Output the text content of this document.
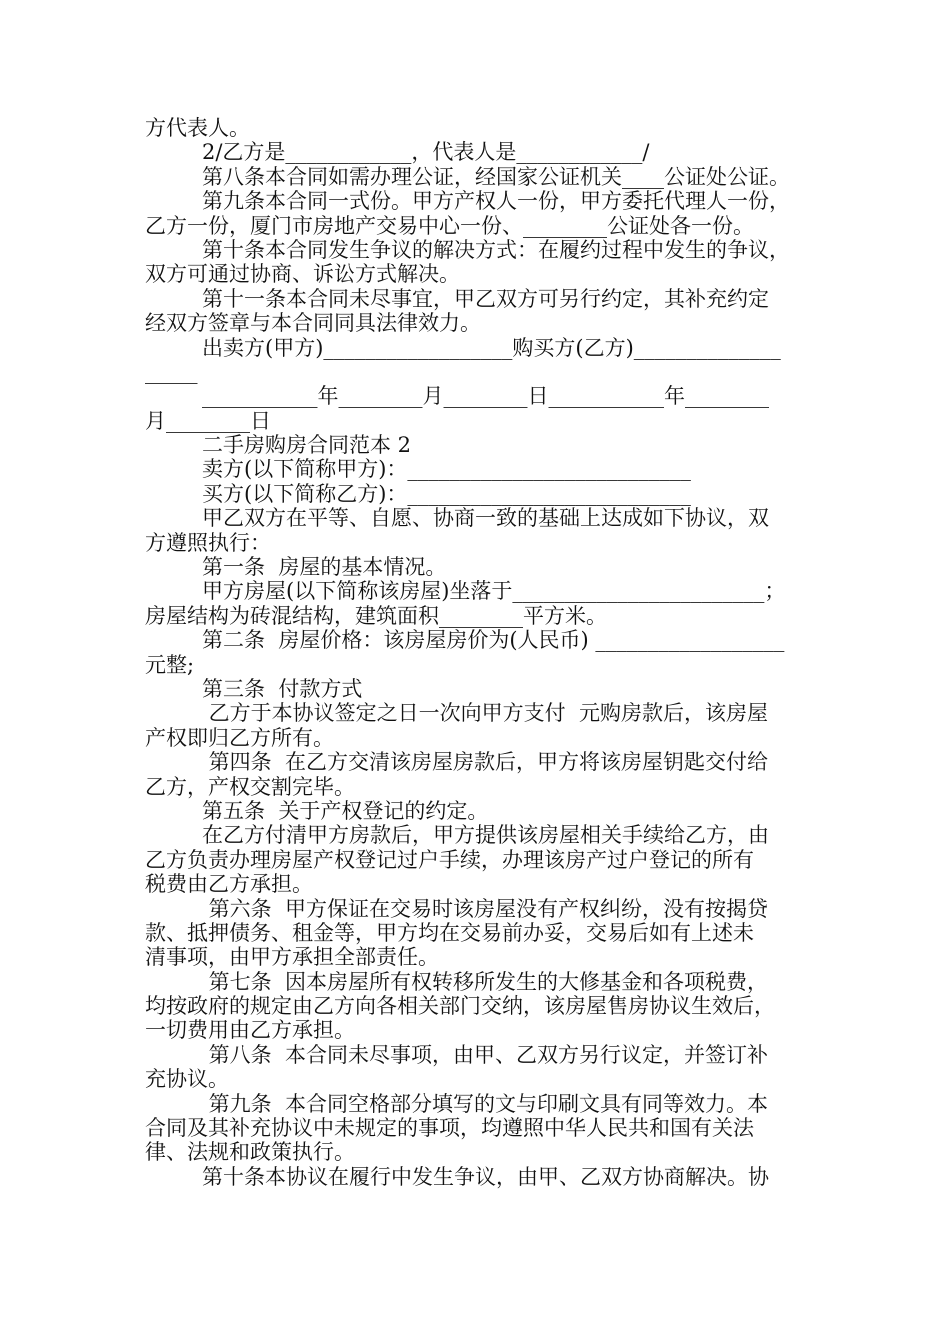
方代表人。
2/乙方是____________，代表人是____________/
第八条本合同如需办理公证，经国家公证机关____公证处公证。
第九条本合同一式份。甲方产权人一份，甲方委托代理人一份，
乙方一份，厦门市房地产交易中心一份、________公证处各一份。
第十条本合同发生争议的解决方式：在履约过程中发生的争议，
双方可通过协商、诉讼方式解决。
第十一条本合同未尽事宜，甲乙双方可另行约定，其补充约定
经双方签章与本合同同具法律效力。
出卖方(甲方)__________________购买方(乙方)______________
_____
___________年________月________日___________年________
月________日
二手房购房合同范本 2
卖方(以下简称甲方)：___________________________
买方(以下简称乙方)：___________________________
甲乙双方在平等、自愿、协商一致的基础上达成如下协议，双
方遵照执行：
第一条  房屋的基本情况。
甲方房屋(以下简称该房屋)坐落于________________________；
房屋结构为砖混结构，建筑面积________平方米。
第二条  房屋价格：该房屋房价为(人民币) __________________
元整;
第三条  付款方式
乙方于本协议签定之日一次向甲方支付  元购房款后，该房屋
产权即归乙方所有。
第四条  在乙方交清该房屋房款后，甲方将该房屋钥匙交付给
乙方，产权交割完毕。
第五条  关于产权登记的约定。
在乙方付清甲方房款后，甲方提供该房屋相关手续给乙方，由
乙方负责办理房屋产权登记过户手续，办理该房产过户登记的所有
税费由乙方承担。
第六条  甲方保证在交易时该房屋没有产权纠纷，没有按揭贷
款、抵押债务、租金等，甲方均在交易前办妥，交易后如有上述未
清事项，由甲方承担全部责任。
第七条  因本房屋所有权转移所发生的大修基金和各项税费，
均按政府的规定由乙方向各相关部门交纳，该房屋售房协议生效后，
一切费用由乙方承担。
第八条  本合同未尽事项，由甲、乙双方另行议定，并签订补
充协议。
第九条  本合同空格部分填写的文与印刷文具有同等效力。本
合同及其补充协议中未规定的事项，均遵照中华人民共和国有关法
律、法规和政策执行。
第十条本协议在履行中发生争议，由甲、乙双方协商解决。协
